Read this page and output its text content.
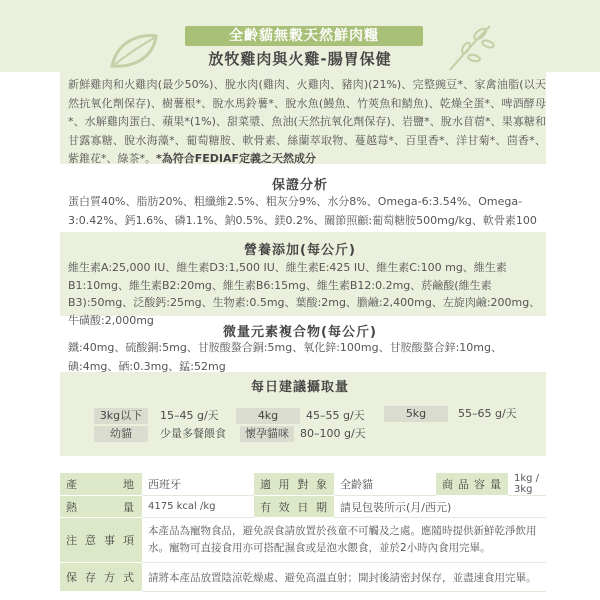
全齡貓無穀天然鮮肉糧
放牧雞肉與火雞-腸胃保健
新鮮雞肉和火雞肉(最少50%)、脫水肉(雞肉、火雞肉、豬肉)(21%)、完整豌豆*、家禽油脂(以天然抗氧化劑保存)、樹薯根*、脫水馬鈴薯*、脫水魚(鰻魚、竹莢魚和鯖魚)、乾燥全蛋*、啤酒酵母*、水解雞肉蛋白、蘋果*(1%)、甜菜漿、魚油(天然抗氧化劑保存)、岩鹽*、脫水苜蓿*、果寡糖和甘露寡糖、脫水海藻*、葡萄糖胺、軟骨素、絲蘭萃取物、蔓越莓*、百里香*、洋甘菊*、茴香*、紫錐花*、綠茶*。*為符合FEDIAF定義之天然成分
保證分析
蛋白質40%、脂肪20%、粗纖維2.5%、粗灰分9%、水分8%、Omega-6:3.54%、Omega-3:0.42%、鈣1.6%、磷1.1%、鈉0.5%、鎂0.2%、關節照顧:葡萄糖胺500mg/kg、軟骨素100
營養添加(每公斤)
維生素A:25,000 IU、維生素D3:1,500 IU、維生素E:425 IU、維生素C:100 mg、維生素B1:10mg、維生素B2:20mg、維生素B6:15mg、維生素B12:0.2mg、菸鹼酸(維生素B3):50mg、泛酸鈣:25mg、生物素:0.5mg、葉酸:2mg、膽鹼:2,400mg、左旋肉鹼:200mg、牛磺酸:2,000mg
微量元素複合物(每公斤)
鐵:40mg、硫酸銅:5mg、甘胺酸螯合銅:5mg、氧化鋅:100mg、甘胺酸螯合鋅:10mg、碘:4mg、硒:0.3mg、錳:52mg
每日建議攝取量
3kg以下	15–45 g/天	4kg	45–55 g/天	5kg	55–65 g/天
幼貓	少量多餐餵食	懷孕貓咪	80–100 g/天
產 地	西班牙	適用對象	全齡貓	商品容量	1kg / 3kg
熱 量	4175 kcal /kg	有效日期	請見包裝所示(月/西元)		
注意事項	本產品為寵物食品，避免誤食請放置於孩童不可觸及之處。應隨時提供新鮮乾淨飲用水。寵物可直接食用亦可搭配濕食或是泡水餵食，並於2小時內食用完畢。				
保存方式	請將本產品放置陰涼乾燥處、避免高溫直射；開封後請密封保存，並盡速食用完畢。				
